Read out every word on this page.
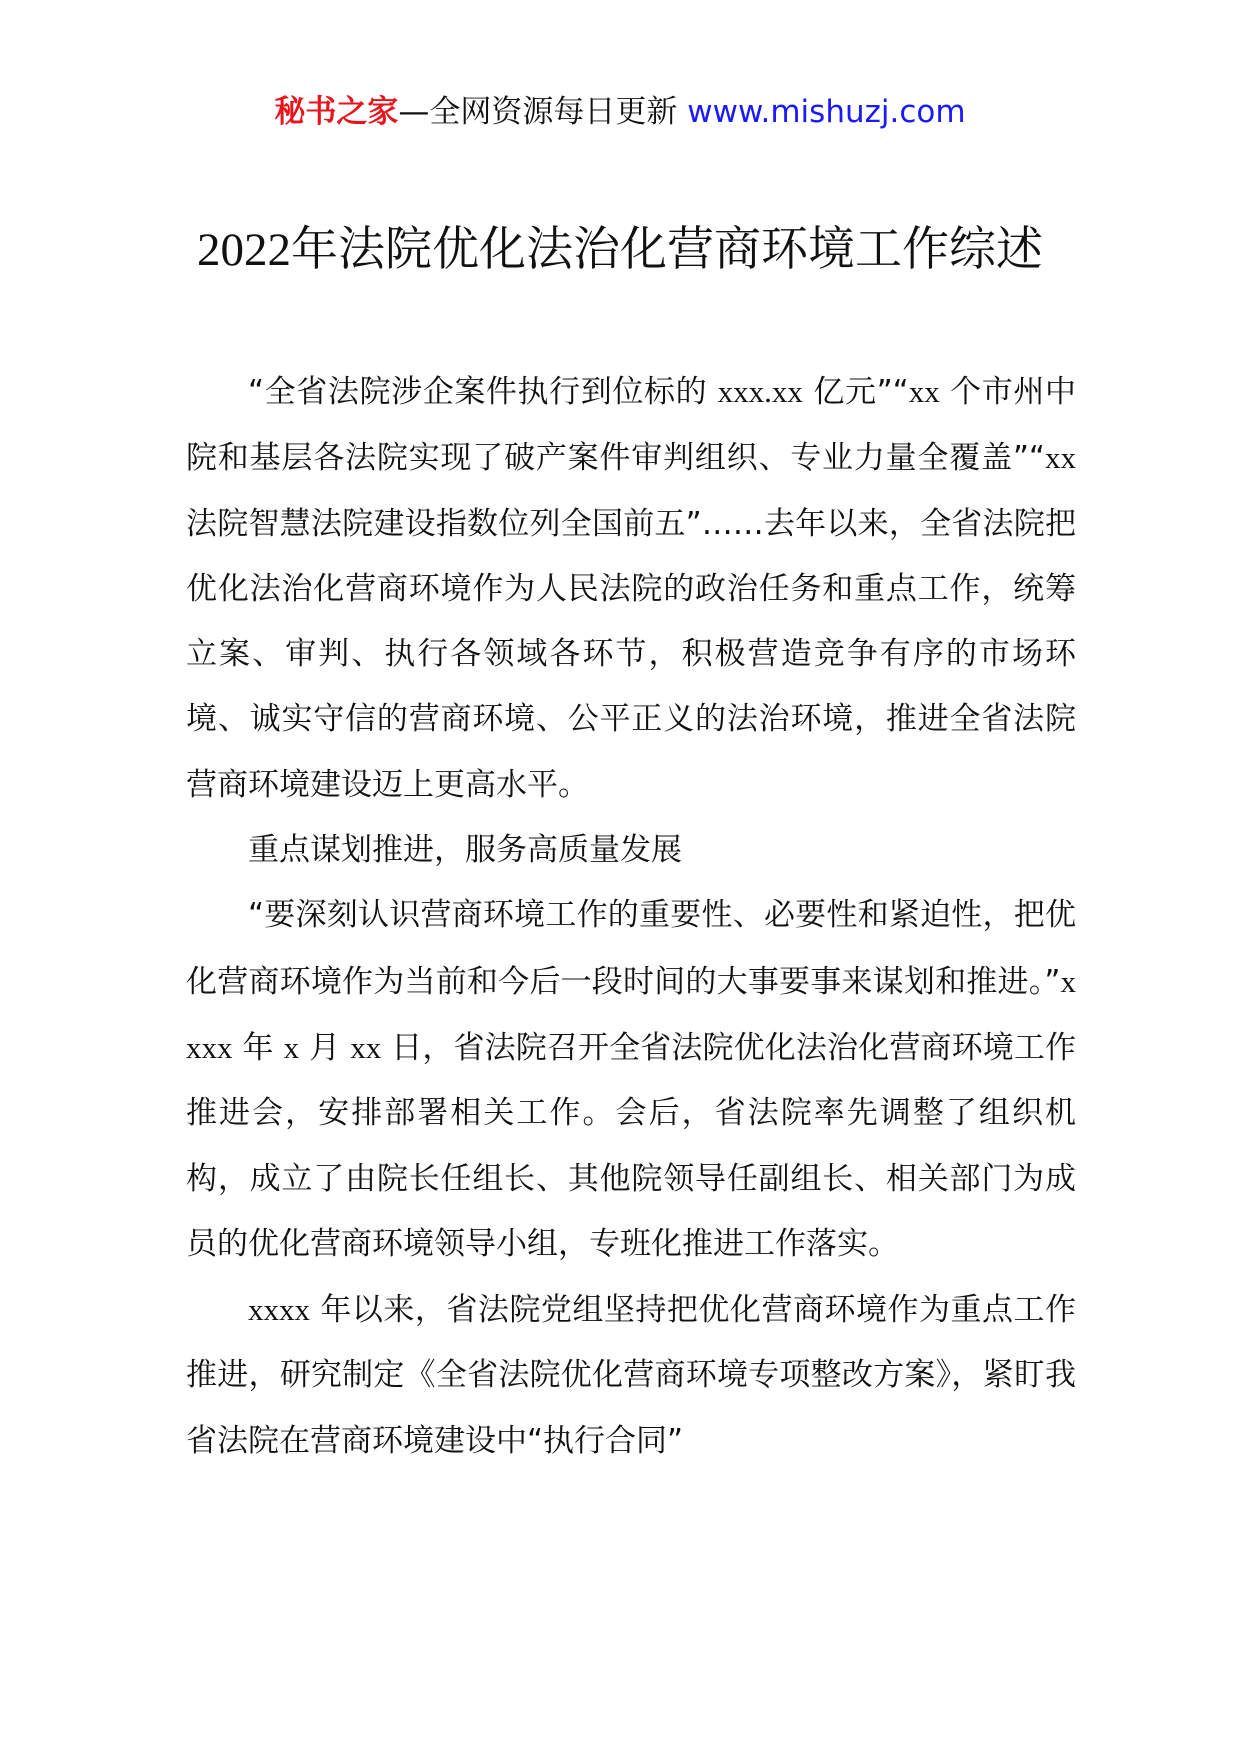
秘书之家—全网资源每日更新 www.mishuzj.com
2022年法院优化法治化营商环境工作综述

“全省法院涉企案件执行到位标的 xxx.xx 亿元”“xx 个市州中院和基层各法院实现了破产案件审判组织、专业力量全覆盖”“xx 法院智慧法院建设指数位列全国前五”……去年以来，全省法院把优化法治化营商环境作为人民法院的政治任务和重点工作，统筹立案、审判、执行各领域各环节，积极营造竞争有序的市场环境、诚实守信的营商环境、公平正义的法治环境，推进全省法院营商环境建设迈上更高水平。

重点谋划推进，服务高质量发展

“要深刻认识营商环境工作的重要性、必要性和紧迫性，把优化营商环境作为当前和今后一段时间的大事要事来谋划和推进。”xxxx 年 x 月 xx 日，省法院召开全省法院优化法治化营商环境工作推进会，安排部署相关工作。会后，省法院率先调整了组织机构，成立了由院长任组长、其他院领导任副组长、相关部门为成员的优化营商环境领导小组，专班化推进工作落实。

xxxx 年以来，省法院党组坚持把优化营商环境作为重点工作推进，研究制定《全省法院优化营商环境专项整改方案》，紧盯我省法院在营商环境建设中“执行合同”
